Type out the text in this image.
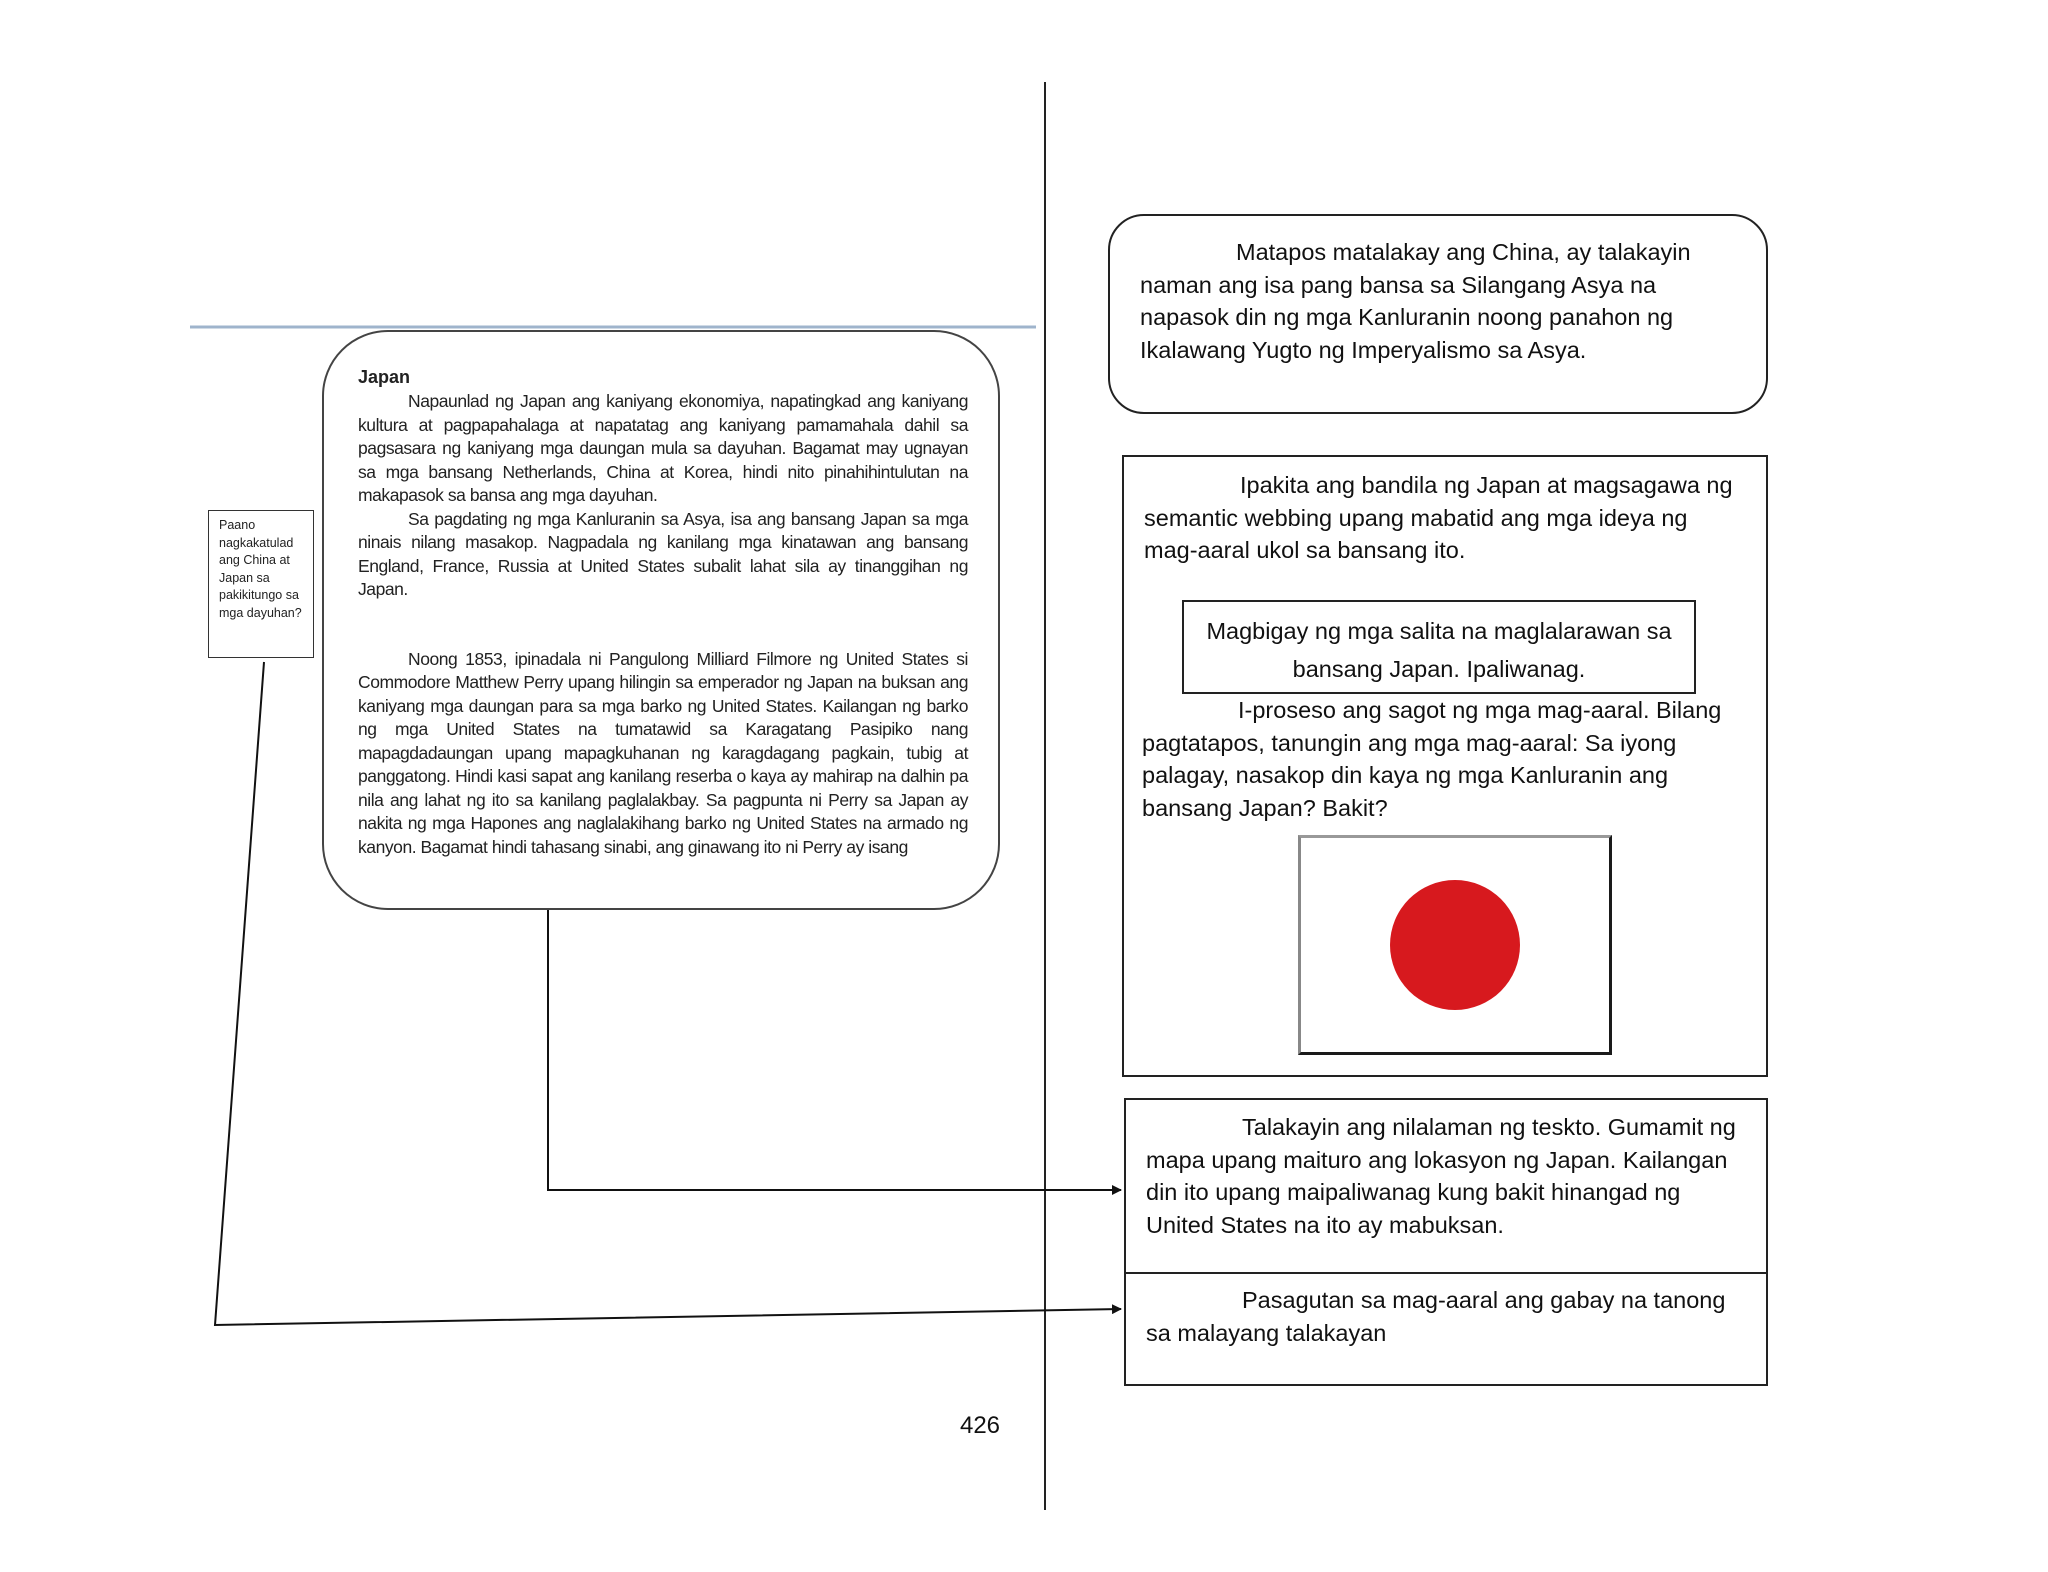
Japan

Napaunlad ng Japan ang kaniyang ekonomiya, napatingkad ang kaniyang kultura at pagpapahalaga at napatatag ang kaniyang pamamahala dahil sa pagsasara ng kaniyang mga daungan mula sa dayuhan. Bagamat may ugnayan sa mga bansang Netherlands, China at Korea, hindi nito pinahihintulutan na makapasok sa bansa ang mga dayuhan.

Sa pagdating ng mga Kanluranin sa Asya, isa ang bansang Japan sa mga ninais nilang masakop. Nagpadala ng kanilang mga kinatawan ang bansang England, France, Russia at United States subalit lahat sila ay tinanggihan ng Japan.

Noong 1853, ipinadala ni Pangulong Milliard Filmore ng United States si Commodore Matthew Perry upang hilingin sa emperador ng Japan na buksan ang kaniyang mga daungan para sa mga barko ng United States. Kailangan ng barko ng mga United States na tumatawid sa Karagatang Pasipiko nang mapagdadaungan upang mapagkuhanan ng karagdagang pagkain, tubig at panggatong. Hindi kasi sapat ang kanilang reserba o kaya ay mahirap na dalhin pa nila ang lahat ng ito sa kanilang paglalakbay. Sa pagpunta ni Perry sa Japan ay nakita ng mga Hapones ang naglalakihang barko ng United States na armado ng kanyon. Bagamat hindi tahasang sinabi, ang ginawang ito ni Perry ay isang

Paano nagkakatulad ang China at Japan sa pakikitungo sa mga dayuhan?

Matapos matalakay ang China, ay talakayin naman ang isa pang bansa sa Silangang Asya na napasok din ng mga Kanluranin noong panahon ng Ikalawang Yugto ng Imperyalismo sa Asya.

Ipakita ang bandila ng Japan at magsagawa ng semantic webbing upang mabatid ang mga ideya ng mag-aaral ukol sa bansang ito.

Magbigay ng mga salita na maglalarawan sa bansang Japan. Ipaliwanag.

I-proseso ang sagot ng mga mag-aaral. Bilang pagtatapos, tanungin ang mga mag-aaral: Sa iyong palagay, nasakop din kaya ng mga Kanluranin ang bansang Japan? Bakit?

Talakayin ang nilalaman ng teskto. Gumamit ng mapa upang maituro ang lokasyon ng Japan. Kailangan din ito upang maipaliwanag kung bakit hinangad ng United States na ito ay mabuksan.

Pasagutan sa mag-aaral ang gabay na tanong sa malayang talakayan

426
